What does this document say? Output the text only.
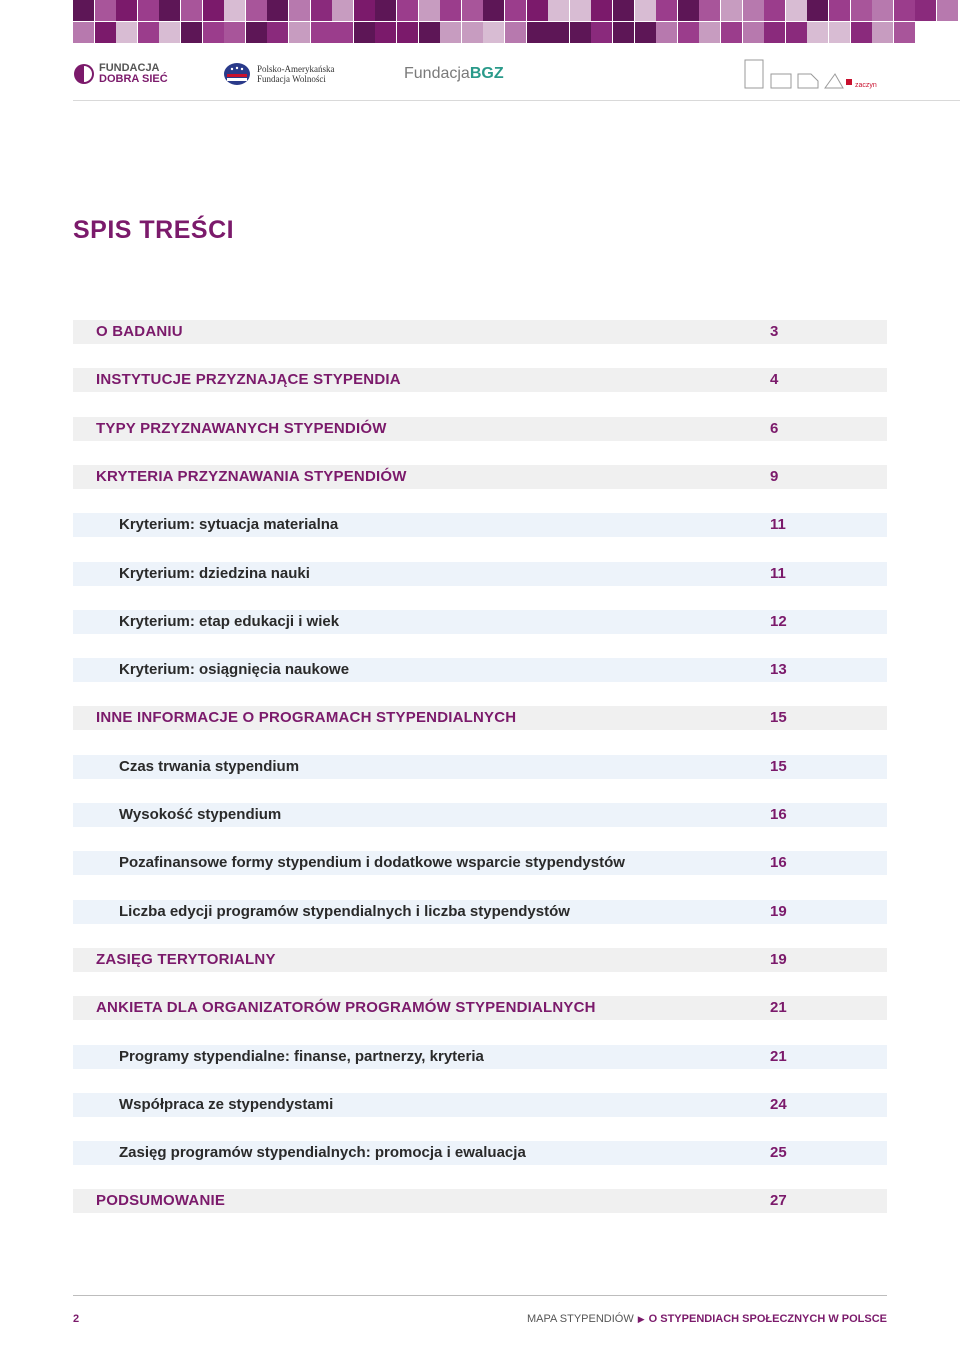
FUNDACJA
DOBRA SIEĆ
Polsko-Amerykańska
Fundacja Wolności	Fundacja BGZ
zaczyn
SPIS TREŚCI
O BADANIU	3
INSTYTUCJE PRZYZNAJĄCE STYPENDIA	4
TYPY PRZYZNAWANYCH STYPENDIÓW	6
KRYTERIA PRZYZNAWANIA STYPENDIÓW	9
Kryterium: sytuacja materialna	11
Kryterium: dziedzina nauki	11
Kryterium: etap edukacji i wiek	12
Kryterium: osiągnięcia naukowe	13
INNE INFORMACJE O PROGRAMACH STYPENDIALNYCH	15
Czas trwania stypendium	15
Wysokość stypendium	16
Pozafinansowe formy stypendium i dodatkowe wsparcie stypendystów	16
Liczba edycji programów stypendialnych i liczba stypendystów	19
ZASIĘG TERYTORIALNY	19
ANKIETA DLA ORGANIZATORÓW PROGRAMÓW STYPENDIALNYCH	21
Programy stypendialne: finanse, partnerzy, kryteria	21
Współpraca ze stypendystami	24
Zasięg programów stypendialnych: promocja i ewaluacja	25
PODSUMOWANIE	27
2	MAPA STYPENDIÓW ▶ O STYPENDIACH SPOŁECZNYCH W POLSCE
